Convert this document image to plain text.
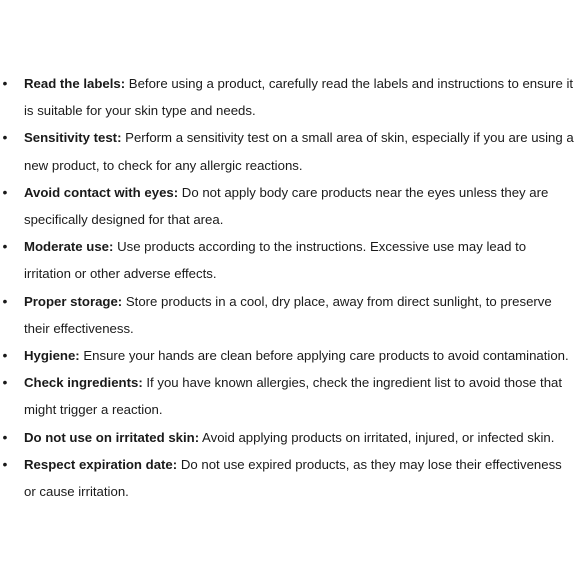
• Read the labels: Before using a product, carefully read the labels and instructions to ensure it is suitable for your skin type and needs.
• Sensitivity test: Perform a sensitivity test on a small area of skin, especially if you are using a new product, to check for any allergic reactions.
• Avoid contact with eyes: Do not apply body care products near the eyes unless they are specifically designed for that area.
• Moderate use: Use products according to the instructions. Excessive use may lead to irritation or other adverse effects.
• Proper storage: Store products in a cool, dry place, away from direct sunlight, to preserve their effectiveness.
• Hygiene: Ensure your hands are clean before applying care products to avoid contamination.
• Check ingredients: If you have known allergies, check the ingredient list to avoid those that might trigger a reaction.
• Do not use on irritated skin: Avoid applying products on irritated, injured, or infected skin.
• Respect expiration date: Do not use expired products, as they may lose their effectiveness or cause irritation.
